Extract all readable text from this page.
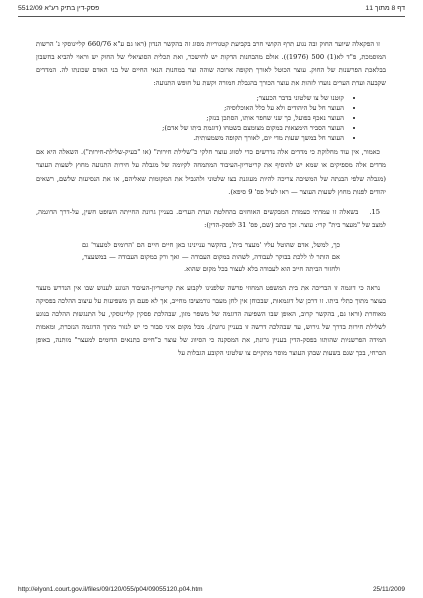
5512/09 פסק-דין בתיק רע"א	דף 8 מתוך 11

זו הפקאלה שיועד החוק ובה נגוע תרף הקושי חרב בקביעת קטגוריות מסוג זה בהקשר הנדון (ראו גם ע"א 660/76 קליינוסקי נ' הרשות המוסמכת, פ"ד לא(1) 500 (1976)). אולם מהבחנות הדקות יש לחישכר, ואת תכלית הסוציאלי של החוק יש וראוי להביא בחשבון בבלאכת הפרשנות של החוק. עוצר הכוטל לאורך תקופה ארוכה שוהה וצר במחנות הנאי החיים של בני האדם שכונתו לה. המדדים שקבעה ועדת הערים נועדו לזהות את עוצר הכורך בהגבלת חמורה וקשת על חופש התנועה:

• קוטנו של צו שלטוני בדבר הכעצר;
• העוצר חל על היהודים ולא על כלל האוכלוסיה;
• העוצר נאכף בפועל, כך שני שחפר אותו, הסתכן בנזק;
• העוצר הסביר הימצאות במקום מצומצם בשטחו (דוגמת ביתו של אדם);
• העוצר חל במשך שעות מדי יום, לאורך תקופה משמעותית.

כאמור, אין עוד מחלוקת כי מדדים אלה נדרשים כדי לסווג עוצר חלקי כ"שלילת חירות" (או "בעיק-שלילת-חירות"). השאלה היא אם מדדים אלה מספיקים או שמא יש להוסיף את קריטריון-העיבוד המתמחה לקיומה של מגבלה על חירות התנועה מחוץ לשעות העוצר (מגבלה שלפי הבנתה של המשיבה צריכה להיות מעוגנת בצו שלטוני ולהגביל את המקומות שאליהם, או את הנסיעות שלשם, רשאים יהודים לפנות מחוץ לשעות העוצר — ראו לעיל פס' 9 סיפא).

15. בשאלה זו עמדתי כעמדת המבקשים האוחזים בהחלטת ועדת הערים. בעניין גרונת החייתה השופט חשין, על-דרך הדוגמה, למצב של "מעצר בית" קרי: עוצר. וכך כתב (שם, פס' 31 לפסק-הדין):

כך, למשל, אדם שהוטל עליו 'מעצר בית', בהקשר עניינינו באן חיים חיים הם 'הרומים למעצר' גם אם הותר לו ללכת בבוקר לעבודה, לשהות במקום העבודה — ואך ורק במקום העבודה — במשעצר, ולחזור הביתה חייב הוא לעבודה בלא לעצור בכל מקום שהוא.

נראה כי דוגמה זו הבריכה את בית המשפט המחוזי פרשה שלפנינו לקבוע את קריטריון-העיבוד הנוגע לענוש שבו אין הנדרש מעצר בעוצר מתוך כתלי ביתו. זו דרכן של דוגמאות, שבכוחן אין לחן מעבר גורמציבו מחייב, אך לא פעם הן משפיעות על עיצוב ההלכה בפסיקה מאוחרת (וראו גם, בהקשר קרוב, האופן שבו השפיעה הדוגמה של משפר מזון, שבהלכת פסקין קליינוסקי, על התנגשות ההלכה בנוגע לשלילת חירות בדרך של גירוש, עד שבהלכה דרשה זו בעניין גרונת). מכל מקום איני סבור כי יש לנזור מתוך הדוגמה הנזכרת, ומאמות המידה הפרשניות שהותוו בפסק-הדין בעניין גרונת, את המסקנה כי הסיווג של עוצר כ"חיים בתנאים הדומים למעצר" מותנה, באופן הכרחי, בכך שגם בשעות שבהן העוצר מוסר מתקיים צו שלטוני הקובע הגבלות על

http://elyon1.court.gov.il/files/09/120/055/p04/09055120.p04.htm	25/11/2009
